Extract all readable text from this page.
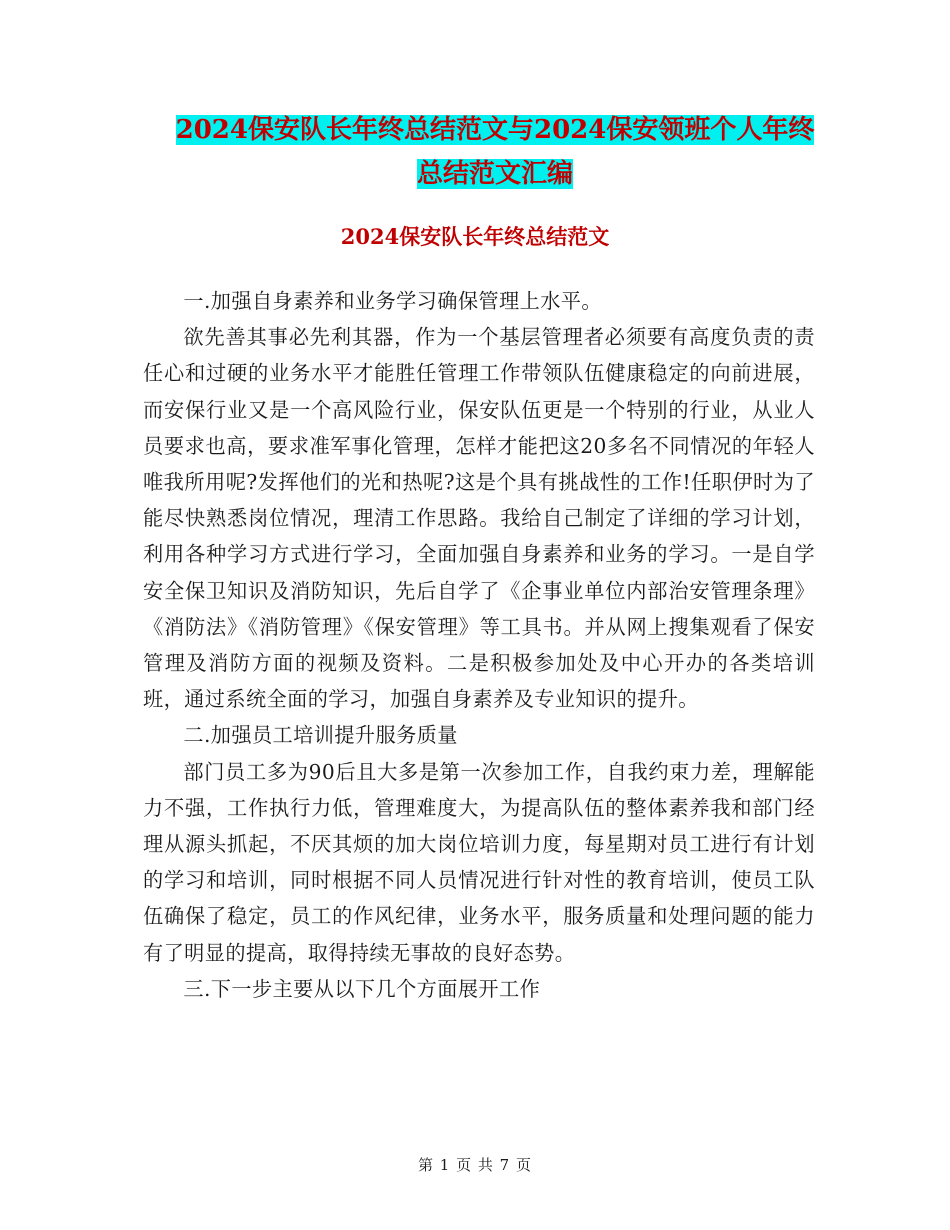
2024保安队长年终总结范文与2024保安领班个人年终
总结范文汇编
2024保安队长年终总结范文

一.加强自身素养和业务学习确保管理上水平。

欲先善其事必先利其器，作为一个基层管理者必须要有高度负责的责任心和过硬的业务水平才能胜任管理工作带领队伍健康稳定的向前进展，而安保行业又是一个高风险行业，保安队伍更是一个特别的行业，从业人员要求也高，要求准军事化管理，怎样才能把这20多名不同情况的年轻人唯我所用呢?发挥他们的光和热呢?这是个具有挑战性的工作!任职伊时为了能尽快熟悉岗位情况，理清工作思路。我给自己制定了详细的学习计划，利用各种学习方式进行学习，全面加强自身素养和业务的学习。一是自学安全保卫知识及消防知识，先后自学了《企事业单位内部治安管理条理》《消防法》《消防管理》《保安管理》等工具书。并从网上搜集观看了保安管理及消防方面的视频及资料。二是积极参加处及中心开办的各类培训班，通过系统全面的学习，加强自身素养及专业知识的提升。

二.加强员工培训提升服务质量

部门员工多为90后且大多是第一次参加工作，自我约束力差，理解能力不强，工作执行力低，管理难度大，为提高队伍的整体素养我和部门经理从源头抓起，不厌其烦的加大岗位培训力度，每星期对员工进行有计划的学习和培训，同时根据不同人员情况进行针对性的教育培训，使员工队伍确保了稳定，员工的作风纪律，业务水平，服务质量和处理问题的能力有了明显的提高，取得持续无事故的良好态势。

三.下一步主要从以下几个方面展开工作

第 1 页 共 7 页
